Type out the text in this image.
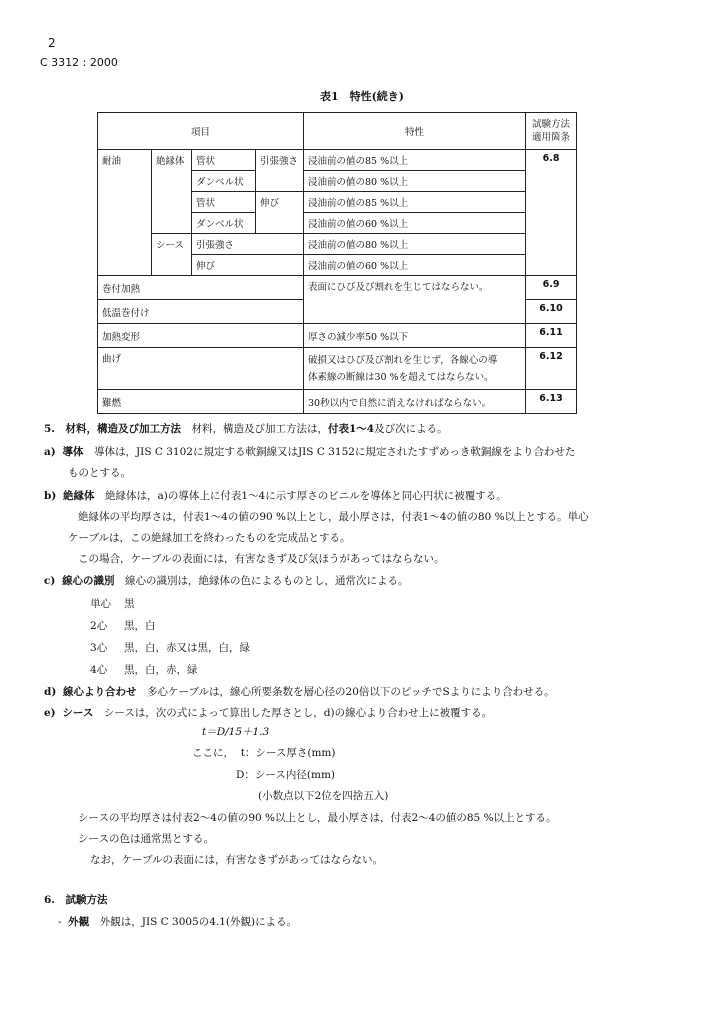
2
C 3312 : 2000
表1　特性(続き)
項目				特性	試験方法
適用箇条
耐油	絶縁体	管状	引張強さ	浸油前の値の85 %以上	6.8
		ダンベル状		浸油前の値の80 %以上	
		管状	伸び	浸油前の値の85 %以上	
		ダンベル状		浸油前の値の60 %以上	
	シース	引張強さ		浸油前の値の80 %以上	
		伸び		浸油前の値の60 %以上	
巻付加熱				表面にひび及び割れを生じてはならない。	6.9
低温巻付け					6.10
加熱変形				厚さの減少率50 %以下	6.11
曲げ				破損又はひび及び割れを生じず，各線心の導
体素線の断線は30 %を超えてはならない。	6.12
難燃				30秒以内で自然に消えなければならない。	6.13
5.　材料，構造及び加工方法　材料，構造及び加工方法は，付表1～4及び次による。
a) 導体　導体は，JIS C 3102に規定する軟銅線又はJIS C 3152に規定されたすずめっき軟銅線をより合わせた
ものとする。
b) 絶縁体　絶縁体は，a)の導体上に付表1～4に示す厚さのビニルを導体と同心円状に被覆する。
絶縁体の平均厚さは，付表1～4の値の90 %以上とし，最小厚さは，付表1～4の値の80 %以上とする。単心
ケーブルは，この絶縁加工を終わったものを完成品とする。
この場合，ケーブルの表面には，有害なきず及び気ほうがあってはならない。
c) 線心の識別　線心の識別は，絶縁体の色によるものとし，通常次による。
単心 黒
2心 黒，白
3心 黒，白，赤又は黒，白，緑
4心 黒，白，赤，緑
d) 線心より合わせ　多心ケーブルは，線心所要条数を層心径の20倍以下のピッチでSよりにより合わせる。
e) シース　シースは，次の式によって算出した厚さとし，d)の線心より合わせ上に被覆する。
t＝D/15＋1.3
ここに， t：シース厚さ(mm)
D：シース内径(mm)
(小数点以下2位を四捨五入)
シースの平均厚さは付表2～4の値の90 %以上とし，最小厚さは，付表2～4の値の85 %以上とする。
シースの色は通常黒とする。
なお，ケーブルの表面には，有害なきずがあってはならない。
6.　試験方法
- 外観　外観は，JIS C 3005の4.1(外観)による。
